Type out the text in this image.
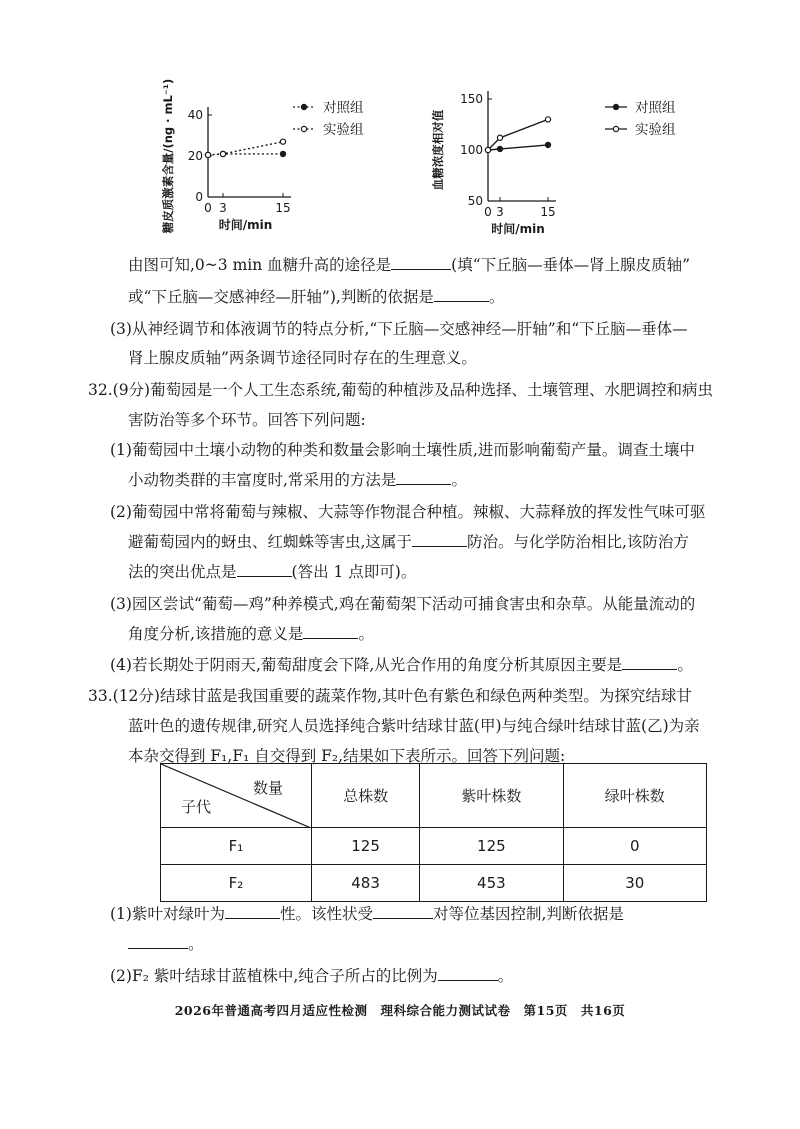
0
20
40
0 3	15
时间/min
糖皮质激素含量/(ng · mL⁻¹)	对照组
实验组
50
100
150
0 3	15
时间/min
血糖浓度相对值
对照组
实验组
由图可知,0~3 min 血糖升高的途径是	(填“下丘脑—垂体—肾上腺皮质轴”
或“下丘脑—交感神经—肝轴”),判断的依据是	。
(3)从神经调节和体液调节的特点分析,“下丘脑—交感神经—肝轴”和“下丘脑—垂体—
肾上腺皮质轴”两条调节途径同时存在的生理意义。
32.(9分)葡萄园是一个人工生态系统,葡萄的种植涉及品种选择、土壤管理、水肥调控和病虫
害防治等多个环节。回答下列问题:
(1)葡萄园中土壤小动物的种类和数量会影响土壤性质,进而影响葡萄产量。调查土壤中
小动物类群的丰富度时,常采用的方法是	。
(2)葡萄园中常将葡萄与辣椒、大蒜等作物混合种植。辣椒、大蒜释放的挥发性气味可驱
避葡萄园内的蚜虫、红蜘蛛等害虫,这属于	防治。与化学防治相比,该防治方
法的突出优点是	(答出 1 点即可)。
(3)园区尝试“葡萄—鸡”种养模式,鸡在葡萄架下活动可捕食害虫和杂草。从能量流动的
角度分析,该措施的意义是	。
(4)若长期处于阴雨天,葡萄甜度会下降,从光合作用的角度分析其原因主要是	。
33.(12分)结球甘蓝是我国重要的蔬菜作物,其叶色有紫色和绿色两种类型。为探究结球甘
蓝叶色的遗传规律,研究人员选择纯合紫叶结球甘蓝(甲)与纯合绿叶结球甘蓝(乙)为亲
本杂交得到 F₁,F₁ 自交得到 F₂,结果如下表所示。回答下列问题:
数量
子代	总株数	紫叶株数	绿叶株数
F₁	125	125	0
F₂	483	453	30
(1)紫叶对绿叶为	性。该性状受	对等位基因控制,判断依据是
。
(2)F₂ 紫叶结球甘蓝植株中,纯合子所占的比例为	。
2026年普通高考四月适应性检测　理科综合能力测试试卷　第15页　共16页
